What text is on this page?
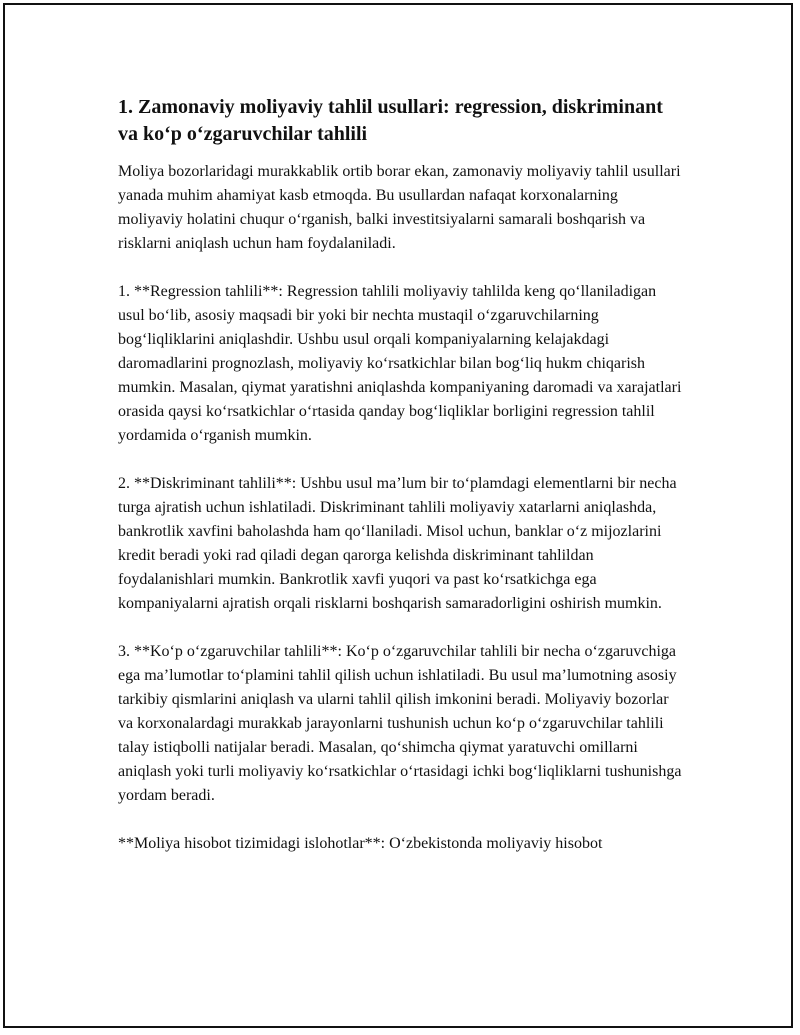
1. Zamonaviy moliyaviy tahlil usullari: regression, diskriminant va koʻp oʻzgaruvchilar tahlili

Moliya bozorlaridagi murakkablik ortib borar ekan, zamonaviy moliyaviy tahlil usullari yanada muhim ahamiyat kasb etmoqda. Bu usullardan nafaqat korxonalarning moliyaviy holatini chuqur oʻrganish, balki investitsiyalarni samarali boshqarish va risklarni aniqlash uchun ham foydalaniladi.

1. **Regression tahlili**: Regression tahlili moliyaviy tahlilda keng qoʻllaniladigan usul boʻlib, asosiy maqsadi bir yoki bir nechta mustaqil oʻzgaruvchilarning bogʻliqliklarini aniqlashdir. Ushbu usul orqali kompaniyalarning kelajakdagi daromadlarini prognozlash, moliyaviy koʻrsatkichlar bilan bogʻliq hukm chiqarish mumkin. Masalan, qiymat yaratishni aniqlashda kompaniyaning daromadi va xarajatlari orasida qaysi koʻrsatkichlar oʻrtasida qanday bogʻliqliklar borligini regression tahlil yordamida oʻrganish mumkin.

2. **Diskriminant tahlili**: Ushbu usul maʼlum bir toʻplamdagi elementlarni bir necha turga ajratish uchun ishlatiladi. Diskriminant tahlili moliyaviy xatarlarni aniqlashda, bankrotlik xavfini baholashda ham qoʻllaniladi. Misol uchun, banklar oʻz mijozlarini kredit beradi yoki rad qiladi degan qarorga kelishda diskriminant tahlildan foydalanishlari mumkin. Bankrotlik xavfi yuqori va past koʻrsatkichga ega kompaniyalarni ajratish orqali risklarni boshqarish samaradorligini oshirish mumkin.

3. **Koʻp oʻzgaruvchilar tahlili**: Koʻp oʻzgaruvchilar tahlili bir necha oʻzgaruvchiga ega maʼlumotlar toʻplamini tahlil qilish uchun ishlatiladi. Bu usul maʼlumotning asosiy tarkibiy qismlarini aniqlash va ularni tahlil qilish imkonini beradi. Moliyaviy bozorlar va korxonalardagi murakkab jarayonlarni tushunish uchun koʻp oʻzgaruvchilar tahlili talay istiqbolli natijalar beradi. Masalan, qoʻshimcha qiymat yaratuvchi omillarni aniqlash yoki turli moliyaviy koʻrsatkichlar oʻrtasidagi ichki bogʻliqliklarni tushunishga yordam beradi.

**Moliya hisobot tizimidagi islohotlar**: Oʻzbekistonda moliyaviy hisobot
